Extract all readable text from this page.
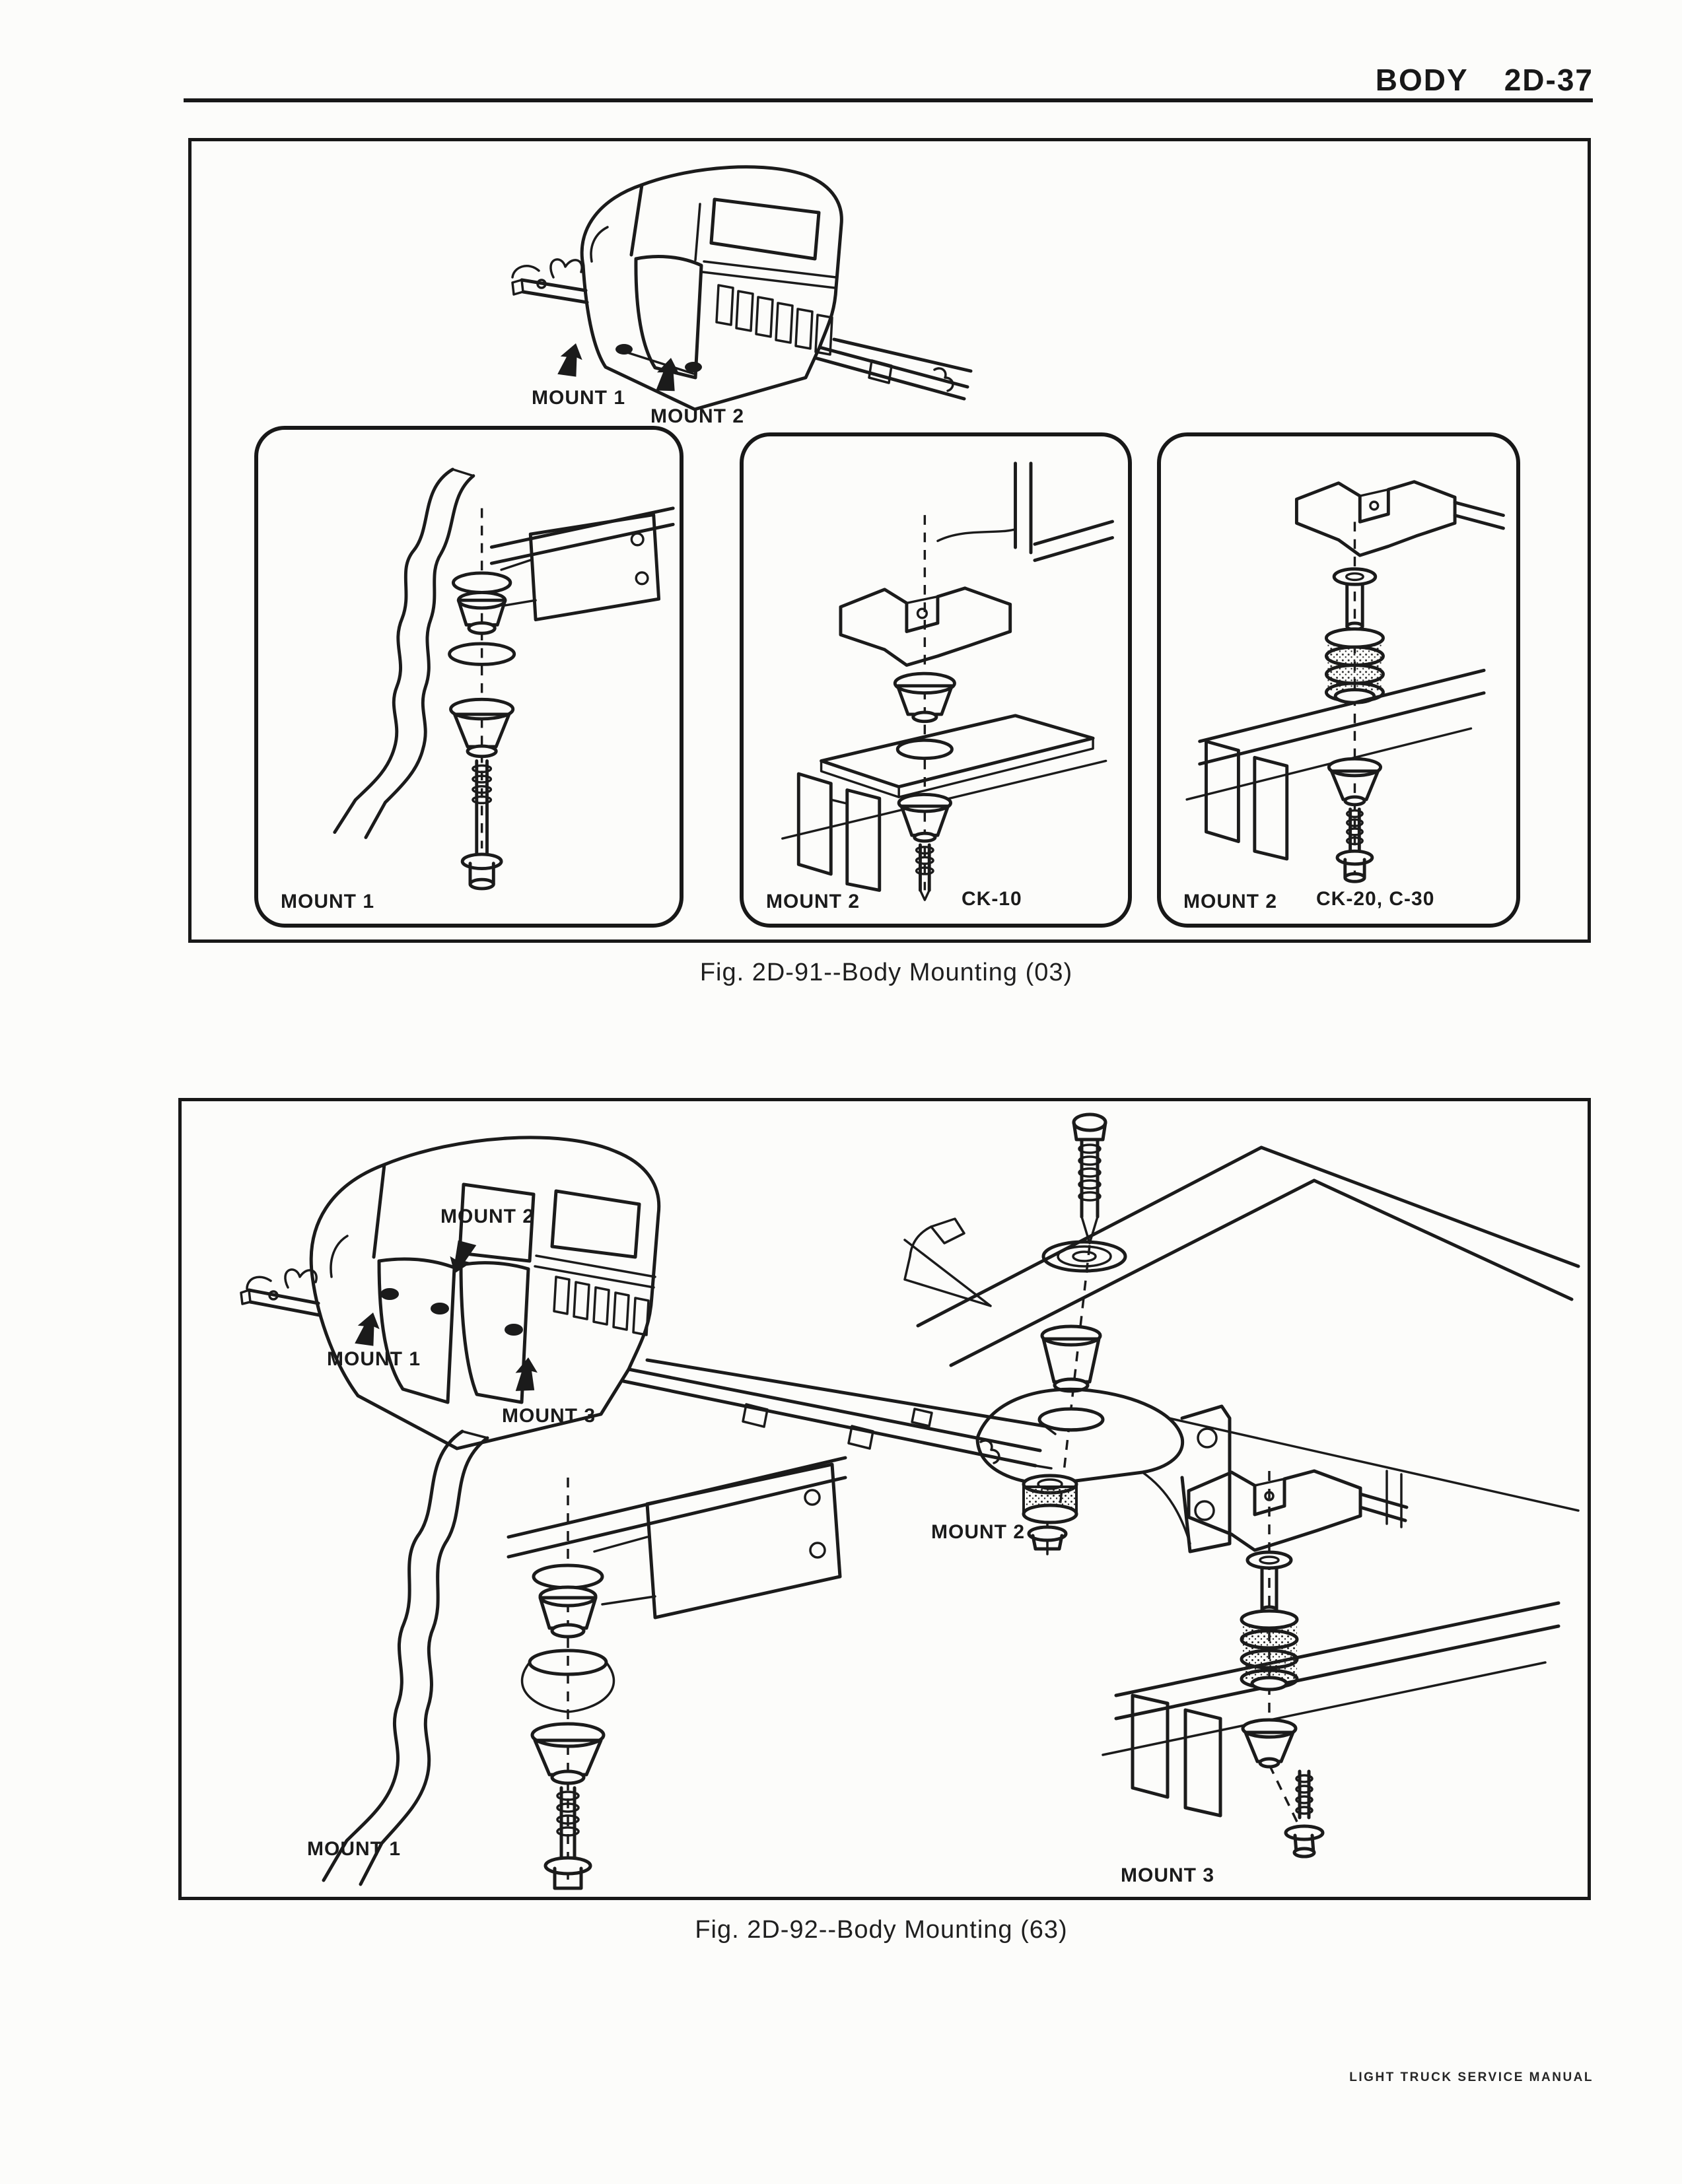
BODY 2D-37
MOUNT 1
MOUNT 2
MOUNT 1	MOUNT 2	CK-10	MOUNT 2 CK-20, C-30
Fig. 2D-91--Body Mounting (03)
MOUNT 2
MOUNT 1
MOUNT 3
MOUNT 1
MOUNT 2
MOUNT 3
Fig. 2D-92--Body Mounting (63)
LIGHT TRUCK SERVICE MANUAL
